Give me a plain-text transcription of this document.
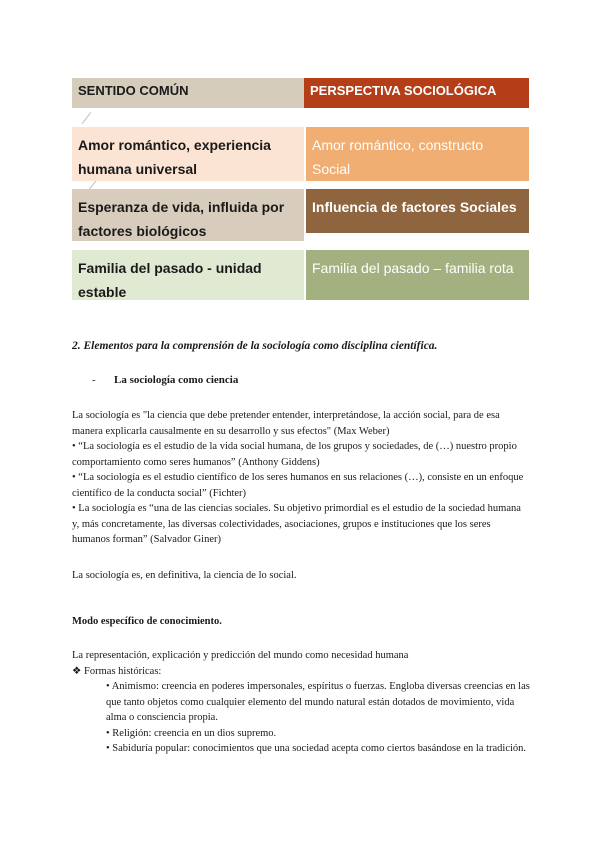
SENTIDO COMÚN	PERSPECTIVA SOCIOLÓGICA
Amor romántico, experiencia humana universal
Amor romántico, constructo Social
Esperanza de vida, influida por factores biológicos
Influencia de factores Sociales
Familia del pasado - unidad estable
Familia del pasado – familia rota
2. Elementos para la comprensión de la sociología como disciplina científica.
- La sociología como ciencia

La sociología es "la ciencia que debe pretender entender, interpretándose, la acción social, para de esa manera explicarla causalmente en su desarrollo y sus efectos" (Max Weber)

• “La sociología es el estudio de la vida social humana, de los grupos y sociedades, de (…) nuestro propio comportamiento como seres humanos” (Anthony Giddens)

• “La sociología es el estudio científico de los seres humanos en sus relaciones (…), consiste en un enfoque científico de la conducta social” (Fichter)

• La sociología es “una de las ciencias sociales. Su objetivo primordial es el estudio de la sociedad humana y, más concretamente, las diversas colectividades, asociaciones, grupos e instituciones que los seres humanos forman” (Salvador Giner)

La sociología es, en definitiva, la ciencia de lo social.
Modo específico de conocimiento.

La representación, explicación y predicción del mundo como necesidad humana

❖ Formas históricas:

• Animismo: creencia en poderes impersonales, espíritus o fuerzas. Engloba diversas creencias en las que tanto objetos como cualquier elemento del mundo natural están dotados de movimiento, vida alma o consciencia propia.

• Religión: creencia en un dios supremo.

• Sabiduría popular: conocimientos que una sociedad acepta como ciertos basándose en la tradición.
